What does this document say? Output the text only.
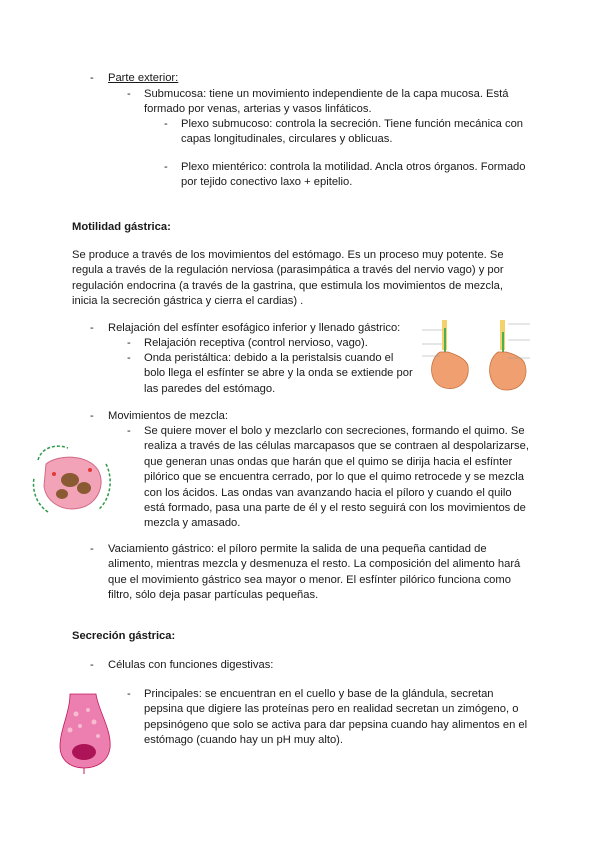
- Parte exterior:

- Submucosa: tiene un movimiento independiente de la capa mucosa. Está formado por venas, arterias y vasos linfáticos.

- Plexo submucoso: controla la secreción. Tiene función mecánica con capas longitudinales, circulares y oblicuas.

- Plexo mientérico: controla la motilidad. Ancla otros órganos. Formado por tejido conectivo laxo + epitelio.

Motilidad gástrica:

Se produce a través de los movimientos del estómago. Es un proceso muy potente. Se regula a través de la regulación nerviosa (parasimpática a través del nervio vago) y por regulación endocrina (a través de la gastrina, que estimula los movimientos de mezcla, inicia la secreción gástrica y cierra el cardias) .

- Relajación del esfínter esofágico inferior y llenado gástrico:

- Relajación receptiva (control nervioso, vago).

- Onda peristáltica: debido a la peristalsis cuando el bolo llega el esfínter se abre y la onda se extiende por las paredes del estómago.

- Movimientos de mezcla:

- Se quiere mover el bolo y mezclarlo con secreciones, formando el quimo. Se realiza a través de las células marcapasos que se contraen al despolarizarse, que generan unas ondas que harán que el quimo se dirija hacia el esfínter pilórico que se encuentra cerrado, por lo que el quimo retrocede y se mezcla con los ácidos. Las ondas van avanzando hacia el píloro y cuando el quilo está formado, pasa una parte de él y el resto seguirá con los movimientos de mezcla y amasado.

- Vaciamiento gástrico: el píloro permite la salida de una pequeña cantidad de alimento, mientras mezcla y desmenuza el resto. La composición del alimento hará que el movimiento gástrico sea mayor o menor. El esfínter pilórico funciona como filtro, sólo deja pasar partículas pequeñas.

Secreción gástrica:

- Células con funciones digestivas:

- Principales: se encuentran en el cuello y base de la glándula, secretan pepsina que digiere las proteínas pero en realidad secretan un zimógeno, o pepsinógeno que solo se activa para dar pepsina cuando hay alimentos en el estómago (cuando hay un pH muy alto).
